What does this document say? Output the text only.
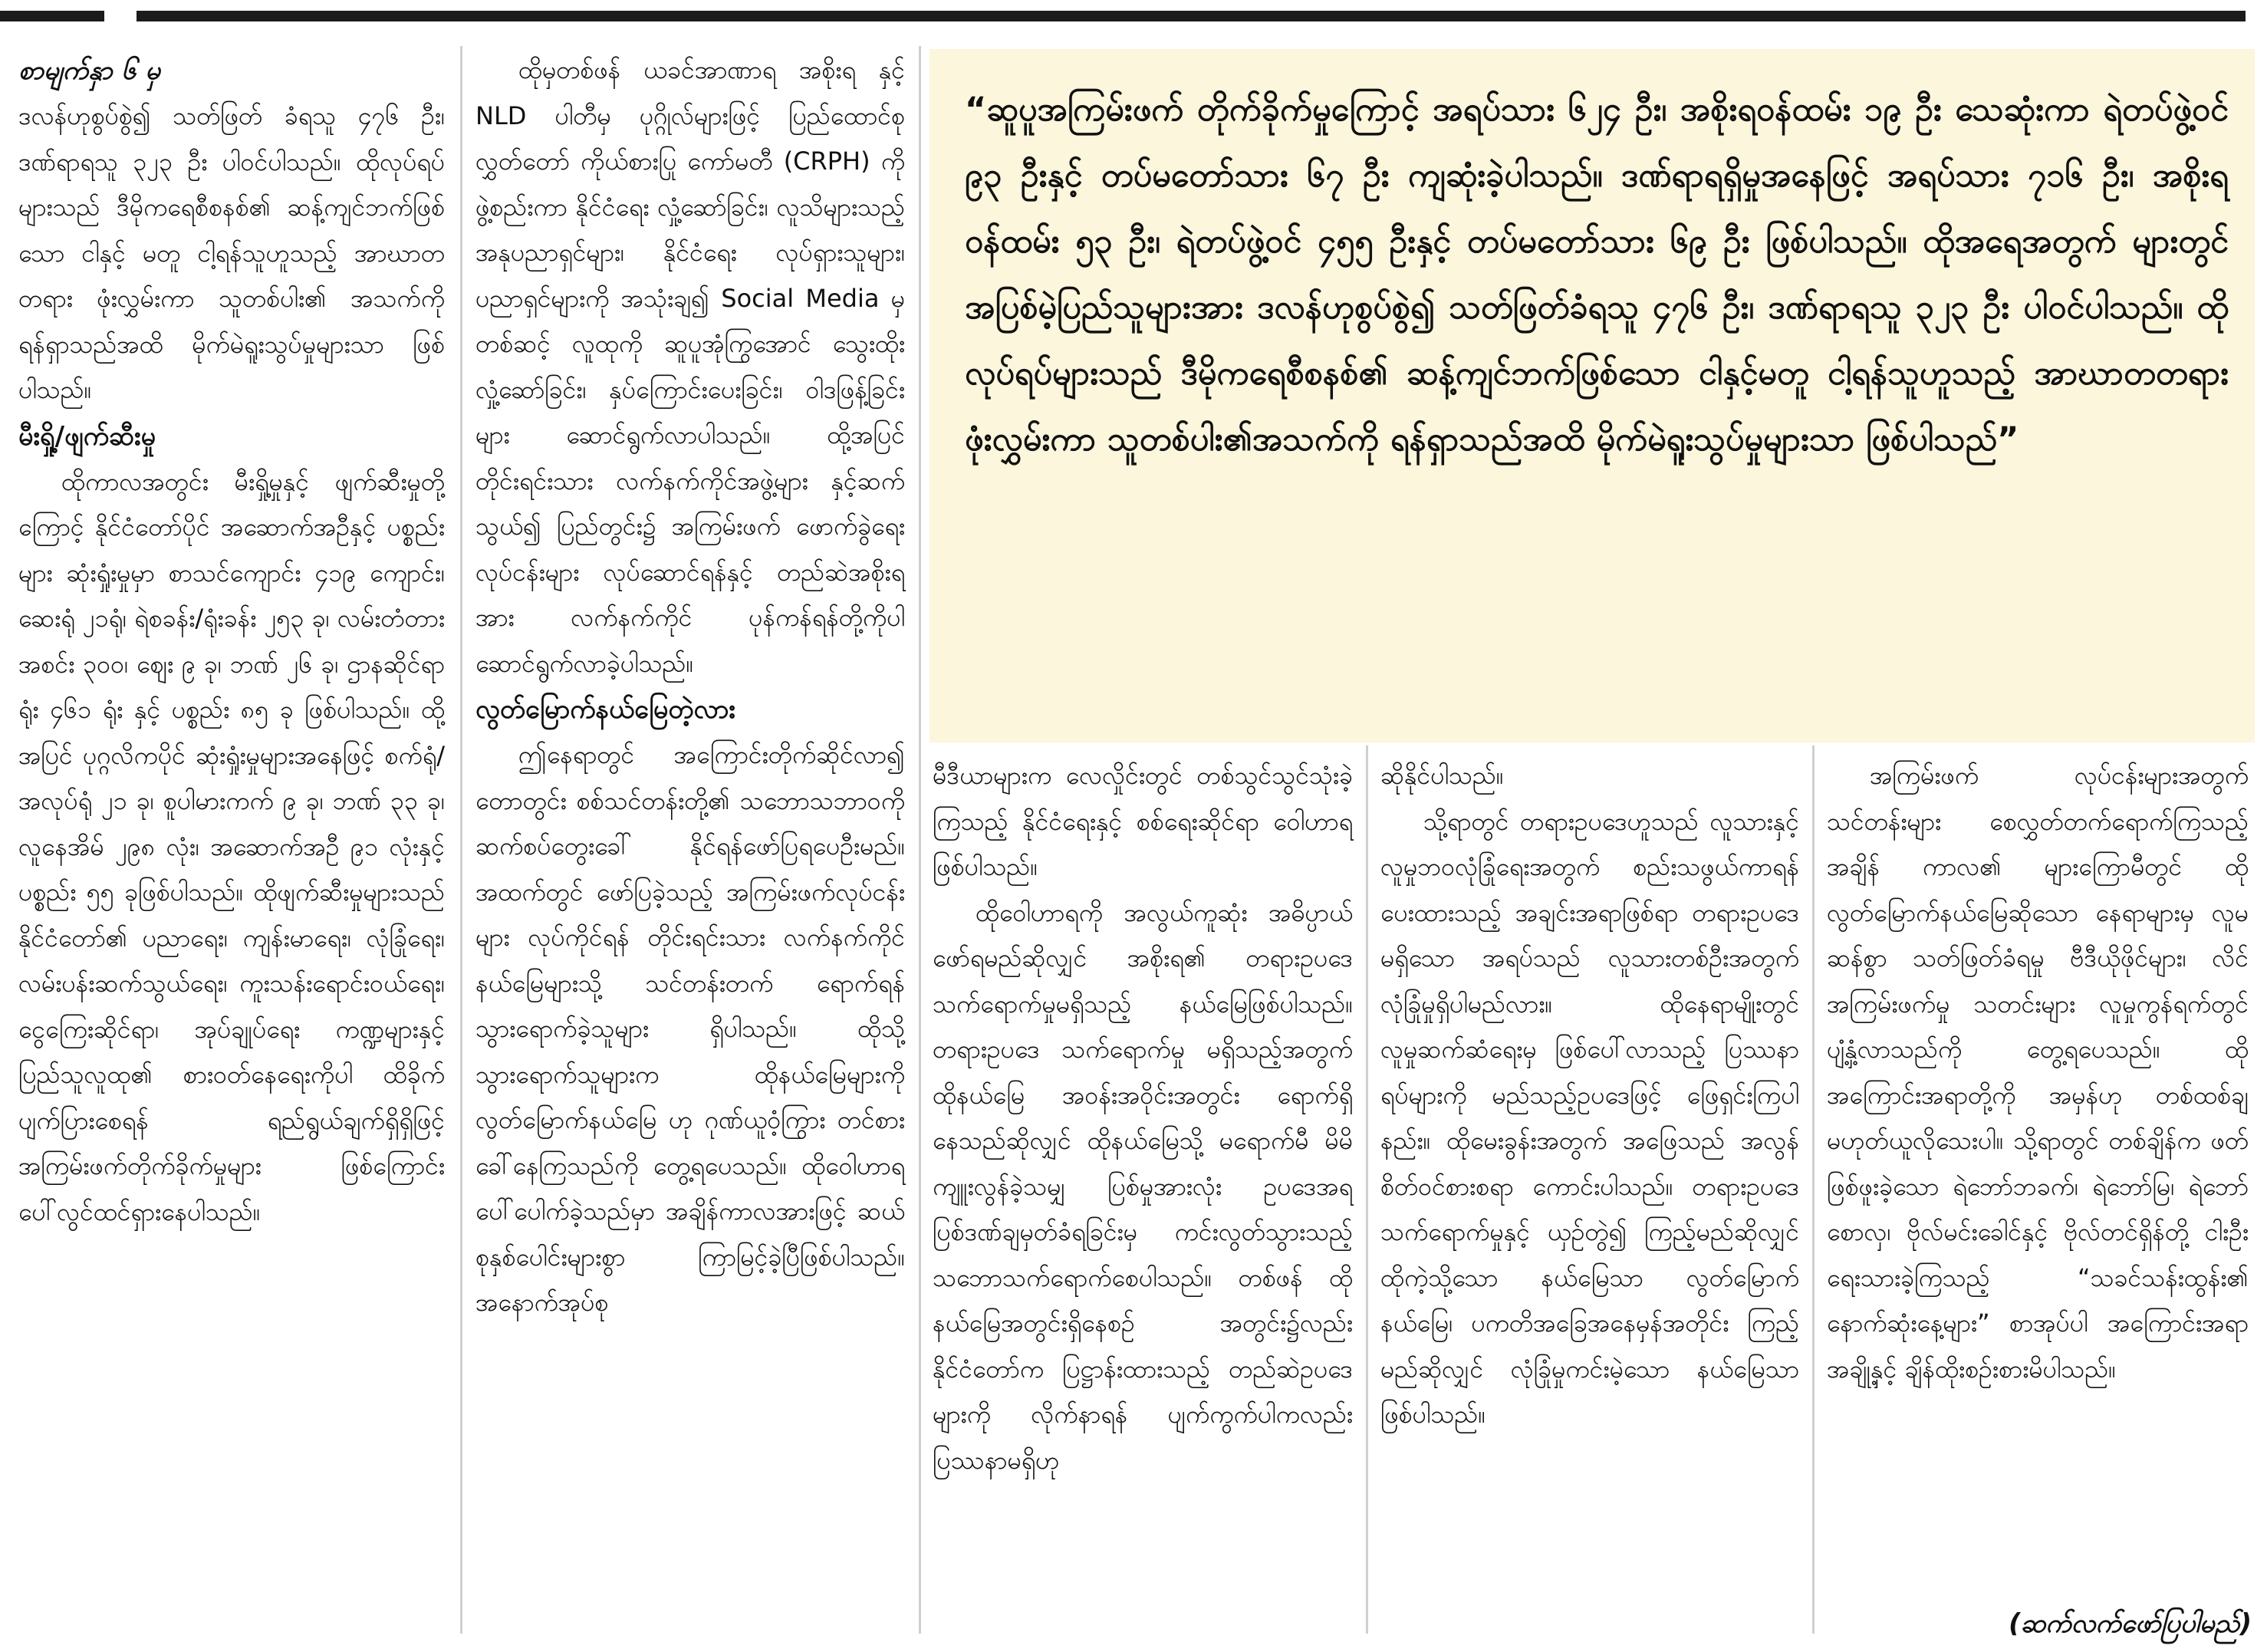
စာမျက်နှာ ၆ မှ

ဒလန်ဟုစွပ်စွဲ၍ သတ်ဖြတ် ခံရသူ ၄၇၆ ဦး၊ ဒဏ်ရာရသူ ၃၂၃ ဦး ပါဝင်ပါသည်။ ထိုလုပ်ရပ်များသည် ဒီမိုကရေစီစနစ်၏ ဆန့်ကျင်ဘက်ဖြစ်သော ငါနှင့် မတူ ငါ့ရန်သူဟူသည့် အာဃာတ တရား ဖုံးလွှမ်းကာ သူတစ်ပါး၏ အသက်ကို ရန်ရှာသည်အထိ မိုက်မဲရူးသွပ်မှုများသာ ဖြစ်ပါသည်။

မီးရှို့/ဖျက်ဆီးမှု

ထိုကာလအတွင်း မီးရှို့မှုနှင့် ဖျက်ဆီးမှုတို့ကြောင့် နိုင်ငံတော်ပိုင် အဆောက်အဦနှင့် ပစ္စည်းများ ဆုံးရှုံးမှုမှာ စာသင်ကျောင်း ၄၁၉ ကျောင်း၊ ဆေးရုံ ၂၁ရုံ၊ ရဲစခန်း/ရုံးခန်း ၂၅၃ ခု၊ လမ်းတံတားအစင်း ၃၀၀၊ ဈေး ၉ ခု၊ ဘဏ် ၂၆ ခု၊ ဌာနဆိုင်ရာရုံး ၄၆၁ ရုံး နှင့် ပစ္စည်း ၈၅ ခု ဖြစ်ပါသည်။ ထို့အပြင် ပုဂ္ဂလိကပိုင် ဆုံးရှုံးမှုများအနေဖြင့် စက်ရုံ/အလုပ်ရုံ ၂၁ ခု၊ စူပါမားကက် ၉ ခု၊ ဘဏ် ၃၃ ခု၊ လူနေအိမ် ၂၉၈ လုံး၊ အဆောက်အဦ ၉၁ လုံးနှင့် ပစ္စည်း ၅၅ ခုဖြစ်ပါသည်။ ထိုဖျက်ဆီးမှုများသည် နိုင်ငံတော်၏ ပညာရေး၊ ကျန်းမာရေး၊ လုံခြုံရေး၊ လမ်းပန်းဆက်သွယ်ရေး၊ ကူးသန်းရောင်းဝယ်ရေး၊ ငွေကြေးဆိုင်ရာ၊ အုပ်ချုပ်ရေး ကဏ္ဍများနှင့် ပြည်သူလူထု၏ စားဝတ်နေရေးကိုပါ ထိခိုက်ပျက်ပြားစေရန် ရည်ရွယ်ချက်ရှိရှိဖြင့် အကြမ်းဖက်တိုက်ခိုက်မှုများ ဖြစ်ကြောင်း ပေါ်လွင်ထင်ရှားနေပါသည်။

ထိုမှတစ်ဖန် ယခင်အာဏာရ အစိုးရ နှင့် NLD ပါတီမှ ပုဂ္ဂိုလ်များဖြင့် ပြည်ထောင်စုလွှတ်တော် ကိုယ်စားပြု ကော်မတီ (CRPH) ကို ဖွဲ့စည်းကာ နိုင်ငံရေး လှုံ့ဆော်ခြင်း၊ လူသိများသည့် အနုပညာရှင်များ၊ နိုင်ငံရေး လုပ်ရှားသူများ၊ ပညာရှင်များကို အသုံးချ၍ Social Media မှတစ်ဆင့် လူထုကို ဆူပူအုံကြွအောင် သွေးထိုးလှုံ့ဆော်ခြင်း၊ နှပ်ကြောင်းပေးခြင်း၊ ဝါဒဖြန့်ခြင်းများ ဆောင်ရွက်လာပါသည်။ ထို့အပြင် တိုင်းရင်းသား လက်နက်ကိုင်အဖွဲ့များ နှင့်ဆက်သွယ်၍ ပြည်တွင်း၌ အကြမ်းဖက် ဖောက်ခွဲရေး လုပ်ငန်းများ လုပ်ဆောင်ရန်နှင့် တည်ဆဲအစိုးရအား လက်နက်ကိုင် ပုန်ကန်ရန်တို့ကိုပါ ဆောင်ရွက်လာခဲ့ပါသည်။

လွတ်မြောက်နယ်မြေတဲ့လား

ဤနေရာတွင် အကြောင်းတိုက်ဆိုင်လာ၍ တောတွင်း စစ်သင်တန်းတို့၏ သဘောသဘာဝကို ဆက်စပ်တွေးခေါ် နိုင်ရန်ဖော်ပြရပေဦးမည်။ အထက်တွင် ဖော်ပြခဲ့သည့် အကြမ်းဖက်လုပ်ငန်းများ လုပ်ကိုင်ရန် တိုင်းရင်းသား လက်နက်ကိုင်နယ်မြေများသို့ သင်တန်းတက် ရောက်ရန် သွားရောက်ခဲ့သူများ ရှိပါသည်။ ထိုသို့ သွားရောက်သူများက ထိုနယ်မြေများကို လွတ်မြောက်နယ်မြေ ဟု ဂုဏ်ယူဝံ့ကြွား တင်စားခေါ်နေကြသည်ကို တွေ့ရပေသည်။ ထိုဝေါဟာရ ပေါ်ပေါက်ခဲ့သည်မှာ အချိန်ကာလအားဖြင့် ဆယ်စုနှစ်ပေါင်းများစွာ ကြာမြင့်ခဲ့ပြီဖြစ်ပါသည်။ အနောက်အုပ်စု

“ဆူပူအကြမ်းဖက် တိုက်ခိုက်မှုကြောင့် အရပ်သား ၆၂၄ ဦး၊ အစိုးရဝန်ထမ်း ၁၉ ဦး သေဆုံးကာ ရဲတပ်ဖွဲ့ဝင် ၉၃ ဦးနှင့် တပ်မတော်သား ၆၇ ဦး ကျဆုံးခဲ့ပါသည်။ ဒဏ်ရာရရှိမှုအနေဖြင့် အရပ်သား ၇၁၆ ဦး၊ အစိုးရဝန်ထမ်း ၅၃ ဦး၊ ရဲတပ်ဖွဲ့ဝင် ၄၅၅ ဦးနှင့် တပ်မတော်သား ၆၉ ဦး ဖြစ်ပါသည်။ ထိုအရေအတွက် များတွင် အပြစ်မဲ့ပြည်သူများအား ဒလန်ဟုစွပ်စွဲ၍ သတ်ဖြတ်ခံရသူ ၄၇၆ ဦး၊ ဒဏ်ရာရသူ ၃၂၃ ဦး ပါဝင်ပါသည်။ ထိုလုပ်ရပ်များသည် ဒီမိုကရေစီစနစ်၏ ဆန့်ကျင်ဘက်ဖြစ်သော ငါနှင့်မတူ ငါ့ရန်သူဟူသည့် အာဃာတတရားဖုံးလွှမ်းကာ သူတစ်ပါး၏အသက်ကို ရန်ရှာသည်အထိ မိုက်မဲရူးသွပ်မှုများသာ ဖြစ်ပါသည်”

မီဒီယာများက လေလှိုင်းတွင် တစ်သွင်သွင်သုံးခဲ့ကြသည့် နိုင်ငံရေးနှင့် စစ်ရေးဆိုင်ရာ ဝေါဟာရဖြစ်ပါသည်။

ထိုဝေါဟာရကို အလွယ်ကူဆုံး အဓိပ္ပာယ်ဖော်ရမည်ဆိုလျှင် အစိုးရ၏ တရားဥပဒေ သက်ရောက်မှုမရှိသည့် နယ်မြေဖြစ်ပါသည်။ တရားဥပဒေ သက်ရောက်မှု မရှိသည့်အတွက် ထိုနယ်မြေ အဝန်းအဝိုင်းအတွင်း ရောက်ရှိနေသည်ဆိုလျှင် ထိုနယ်မြေသို့ မရောက်မီ မိမိကျူးလွန်ခဲ့သမျှ ပြစ်မှုအားလုံး ဥပဒေအရ ပြစ်ဒဏ်ချမှတ်ခံရခြင်းမှ ကင်းလွတ်သွားသည့် သဘောသက်ရောက်စေပါသည်။ တစ်ဖန် ထိုနယ်မြေအတွင်းရှိနေစဉ် အတွင်း၌လည်း နိုင်ငံတော်က ပြဋ္ဌာန်းထားသည့် တည်ဆဲဥပဒေများကို လိုက်နာရန် ပျက်ကွက်ပါကလည်း ပြဿနာမရှိဟု

ဆိုနိုင်ပါသည်။

သို့ရာတွင် တရားဥပဒေဟူသည် လူသားနှင့် လူမှုဘဝလုံခြုံရေးအတွက် စည်းသဖွယ်ကာရန် ပေးထားသည့် အချင်းအရာဖြစ်ရာ တရားဥပဒေမရှိသော အရပ်သည် လူသားတစ်ဦးအတွက် လုံခြုံမှုရှိပါမည်လား။ ထိုနေရာမျိုးတွင် လူမှုဆက်ဆံရေးမှ ဖြစ်ပေါ်လာသည့် ပြဿနာရပ်များကို မည်သည့်ဥပဒေဖြင့် ဖြေရှင်းကြပါနည်း။ ထိုမေးခွန်းအတွက် အဖြေသည် အလွန်စိတ်ဝင်စားစရာ ကောင်းပါသည်။ တရားဥပဒေ သက်ရောက်မှုနှင့် ယှဉ်တွဲ၍ ကြည့်မည်ဆိုလျှင် ထိုကဲ့သို့သော နယ်မြေသာ လွတ်မြောက်နယ်မြေ၊ ပကတိအခြေအနေမှန်အတိုင်း ကြည့်မည်ဆိုလျှင် လုံခြုံမှုကင်းမဲ့သော နယ်မြေသာ ဖြစ်ပါသည်။

အကြမ်းဖက် လုပ်ငန်းများအတွက် သင်တန်းများ စေလွှတ်တက်ရောက်ကြသည့်အချိန် ကာလ၏ များကြောမီတွင် ထိုလွတ်မြောက်နယ်မြေဆိုသော နေရာများမှ လူမဆန်စွာ သတ်ဖြတ်ခံရမှု ဗီဒီယိုဖိုင်များ၊ လိင်အကြမ်းဖက်မှု သတင်းများ လူမှုကွန်ရက်တွင် ပျံ့နှံ့လာသည်ကို တွေ့ရပေသည်။ ထိုအကြောင်းအရာတို့ကို အမှန်ဟု တစ်ထစ်ချ မဟုတ်ယူလိုသေးပါ။ သို့ရာတွင် တစ်ချိန်က ဖတ်ဖြစ်ဖူးခဲ့သော ရဲဘော်ဘခက်၊ ရဲဘော်မြ၊ ရဲဘော်စောလှ၊ ဗိုလ်မင်းခေါင်နှင့် ဗိုလ်တင်ရှိန်တို့ ငါးဦး ရေးသားခဲ့ကြသည့် “သခင်သန်းထွန်း၏ နောက်ဆုံးနေ့များ” စာအုပ်ပါ အကြောင်းအရာအချို့နှင့် ချိန်ထိုးစဉ်းစားမိပါသည်။

(ဆက်လက်ဖော်ပြပါမည်)
